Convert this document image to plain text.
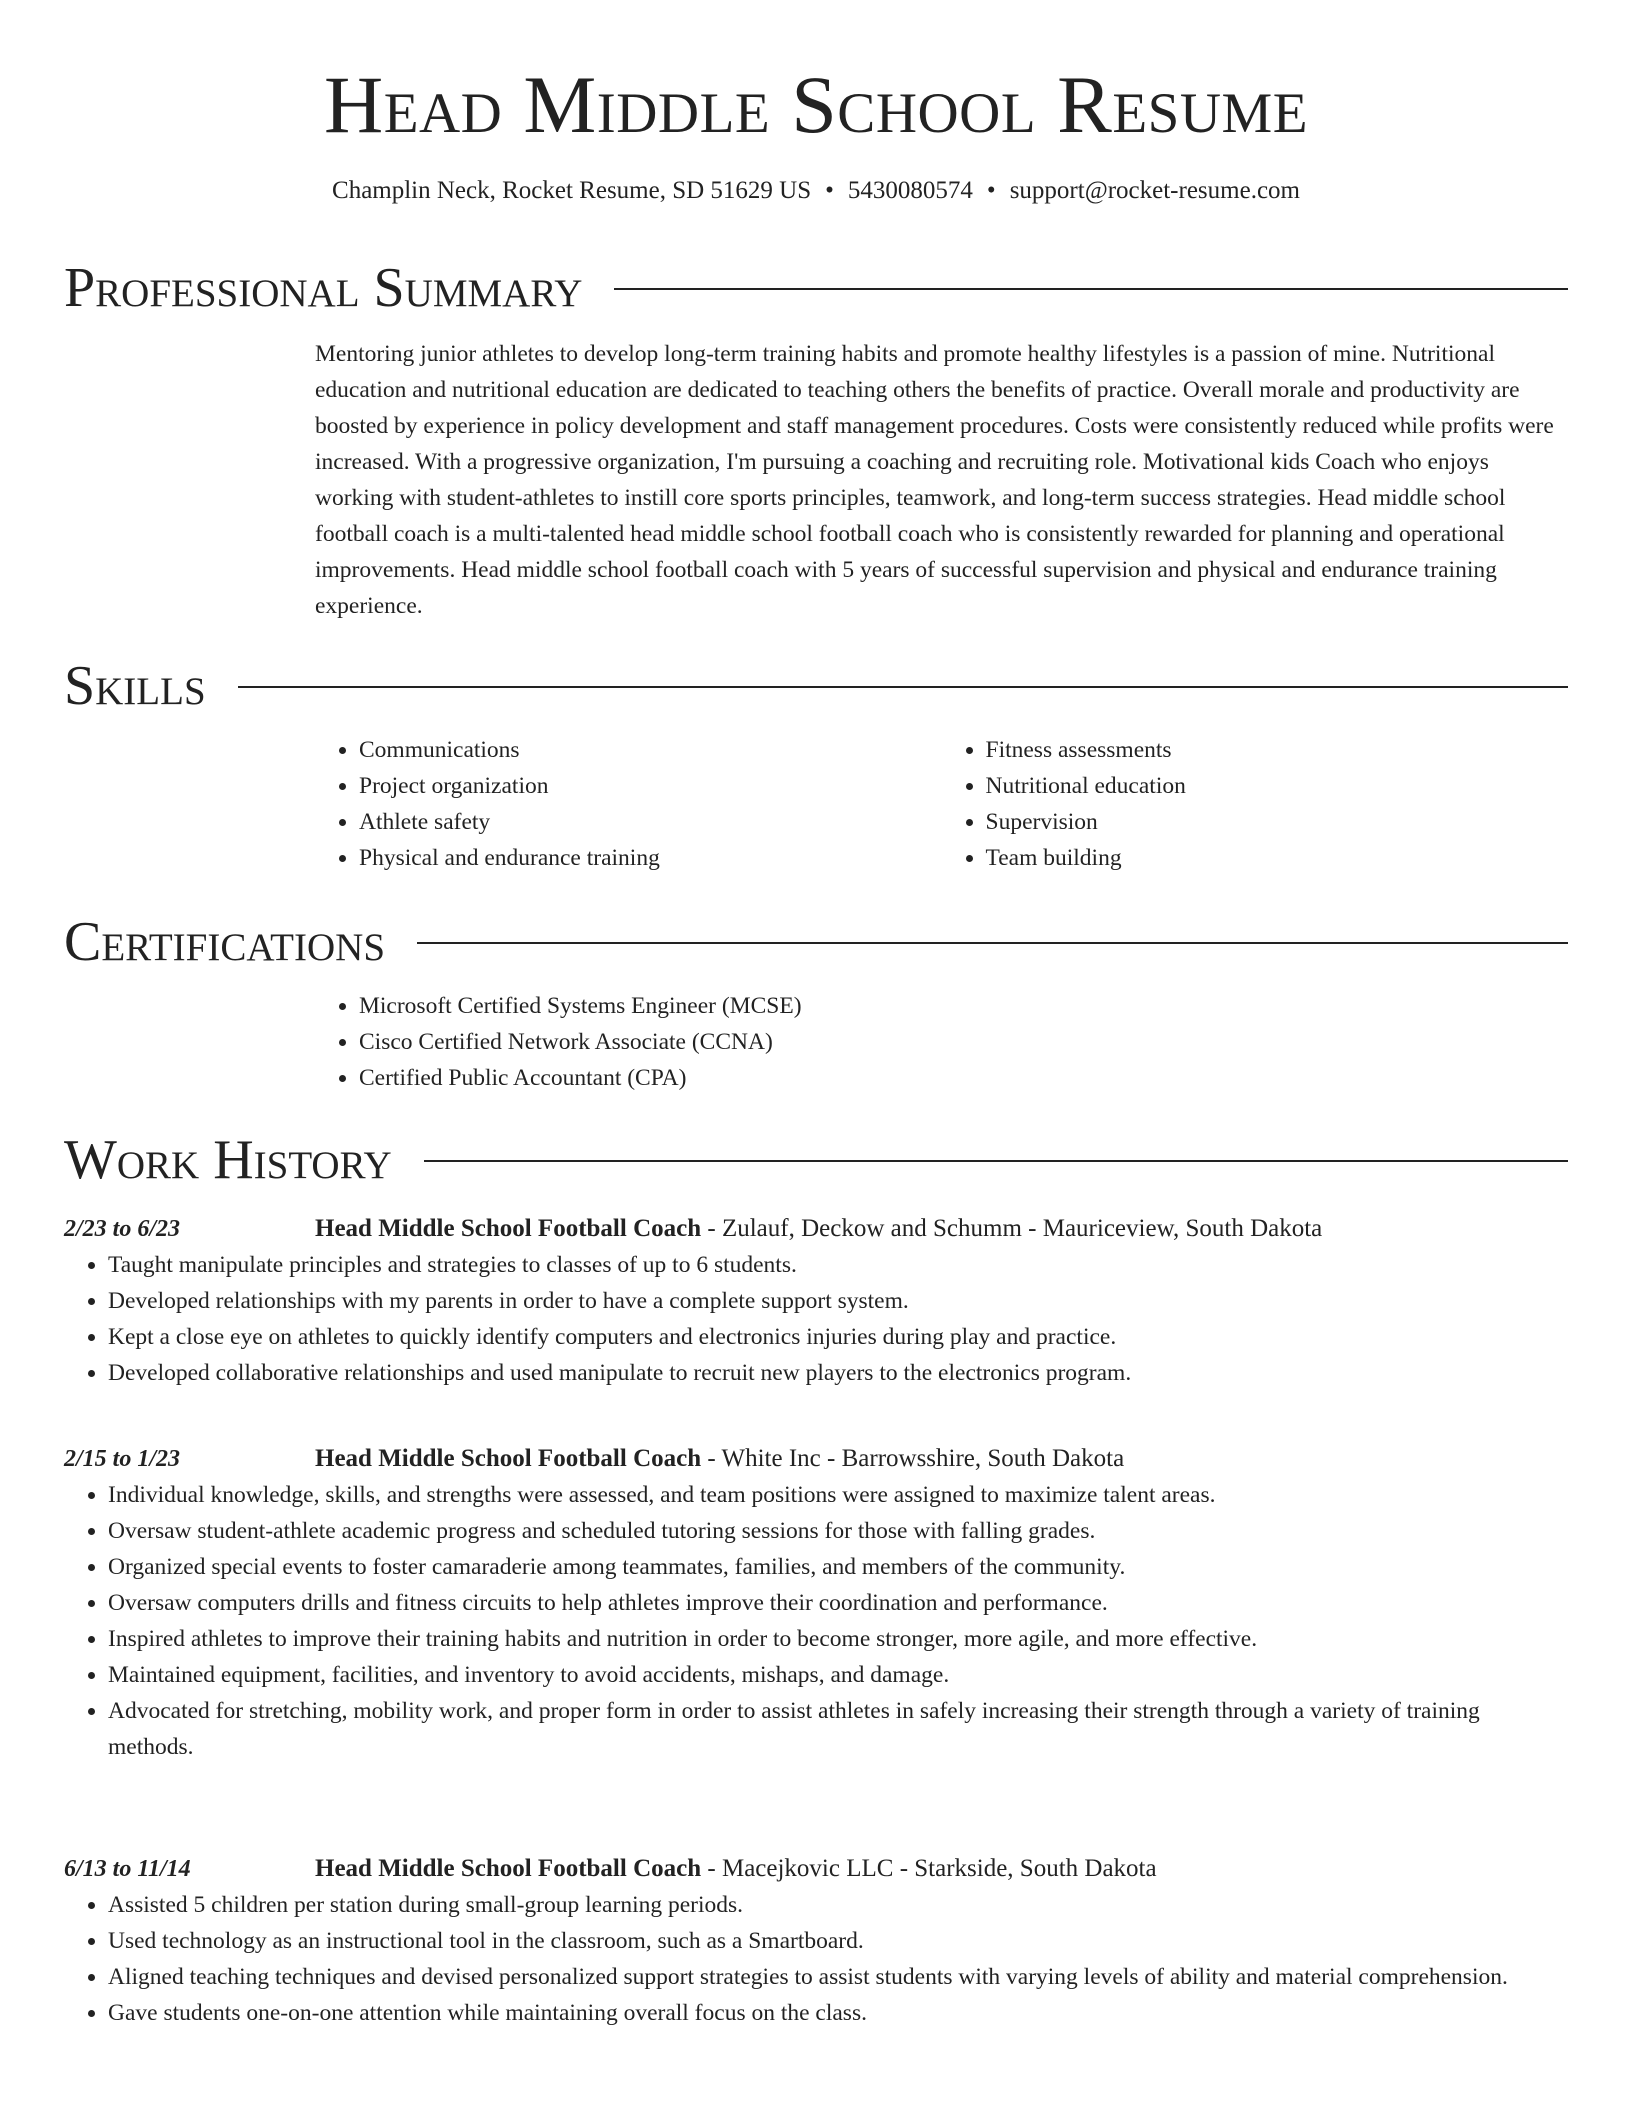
Head Middle School Resume
Champlin Neck, Rocket Resume, SD 51629 US • 5430080574 • support@rocket-resume.com
Professional Summary

Mentoring junior athletes to develop long-term training habits and promote healthy lifestyles is a passion of mine. Nutritional education and nutritional education are dedicated to teaching others the benefits of practice. Overall morale and productivity are boosted by experience in policy development and staff management procedures. Costs were consistently reduced while profits were increased. With a progressive organization, I'm pursuing a coaching and recruiting role. Motivational kids Coach who enjoys working with student-athletes to instill core sports principles, teamwork, and long-term success strategies. Head middle school football coach is a multi-talented head middle school football coach who is consistently rewarded for planning and operational improvements. Head middle school football coach with 5 years of successful supervision and physical and endurance training experience.

Skills
• Communications
• Project organization
• Athlete safety
• Physical and endurance training
• Fitness assessments
• Nutritional education
• Supervision
• Team building
Certifications
• Microsoft Certified Systems Engineer (MCSE)
• Cisco Certified Network Associate (CCNA)
• Certified Public Accountant (CPA)
Work History
2/23 to 6/23	Head Middle School Football Coach - Zulauf, Deckow and Schumm - Mauriceview, South Dakota
• Taught manipulate principles and strategies to classes of up to 6 students.
• Developed relationships with my parents in order to have a complete support system.
• Kept a close eye on athletes to quickly identify computers and electronics injuries during play and practice.
• Developed collaborative relationships and used manipulate to recruit new players to the electronics program.
2/15 to 1/23	Head Middle School Football Coach - White Inc - Barrowsshire, South Dakota
• Individual knowledge, skills, and strengths were assessed, and team positions were assigned to maximize talent areas.
• Oversaw student-athlete academic progress and scheduled tutoring sessions for those with falling grades.
• Organized special events to foster camaraderie among teammates, families, and members of the community.
• Oversaw computers drills and fitness circuits to help athletes improve their coordination and performance.
• Inspired athletes to improve their training habits and nutrition in order to become stronger, more agile, and more effective.
• Maintained equipment, facilities, and inventory to avoid accidents, mishaps, and damage.
• Advocated for stretching, mobility work, and proper form in order to assist athletes in safely increasing their strength through a variety of training methods.
6/13 to 11/14	Head Middle School Football Coach - Macejkovic LLC - Starkside, South Dakota
• Assisted 5 children per station during small-group learning periods.
• Used technology as an instructional tool in the classroom, such as a Smartboard.
• Aligned teaching techniques and devised personalized support strategies to assist students with varying levels of ability and material comprehension.
• Gave students one-on-one attention while maintaining overall focus on the class.
